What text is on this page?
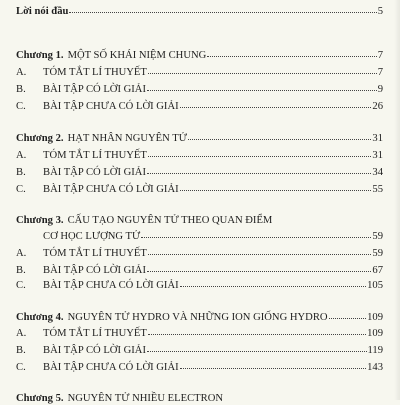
Lời nói đầu	5
Chương 1. MỘT SỐ KHÁI NIỆM CHUNG	7
A.	TÓM TẮT LÍ THUYẾT	7
B.	BÀI TẬP CÓ LỜI GIẢI	9
C.	BÀI TẬP CHƯA CÓ LỜI GIẢI	26
Chương 2. HẠT NHÂN NGUYÊN TỬ	31
A.	TÓM TẮT LÍ THUYẾT	31
B.	BÀI TẬP CÓ LỜI GIẢI	34
C.	BÀI TẬP CHƯA CÓ LỜI GIẢI	55
Chương 3. CẤU TẠO NGUYÊN TỬ THEO QUAN ĐIỂM
CƠ HỌC LƯỢNG TỬ	59
A.	TÓM TẮT LÍ THUYẾT	59
B.	BÀI TẬP CÓ LỜI GIẢI	67
C.	BÀI TẬP CHƯA CÓ LỜI GIẢI	105
Chương 4. NGUYÊN TỬ HYDRO VÀ NHỮNG ION GIỐNG HYDRO	109
A.	TÓM TẮT LÍ THUYẾT	109
B.	BÀI TẬP CÓ LỜI GIẢI	119
C.	BÀI TẬP CHƯA CÓ LỜI GIẢI	143
Chương 5. NGUYÊN TỬ NHIỀU ELECTRON
